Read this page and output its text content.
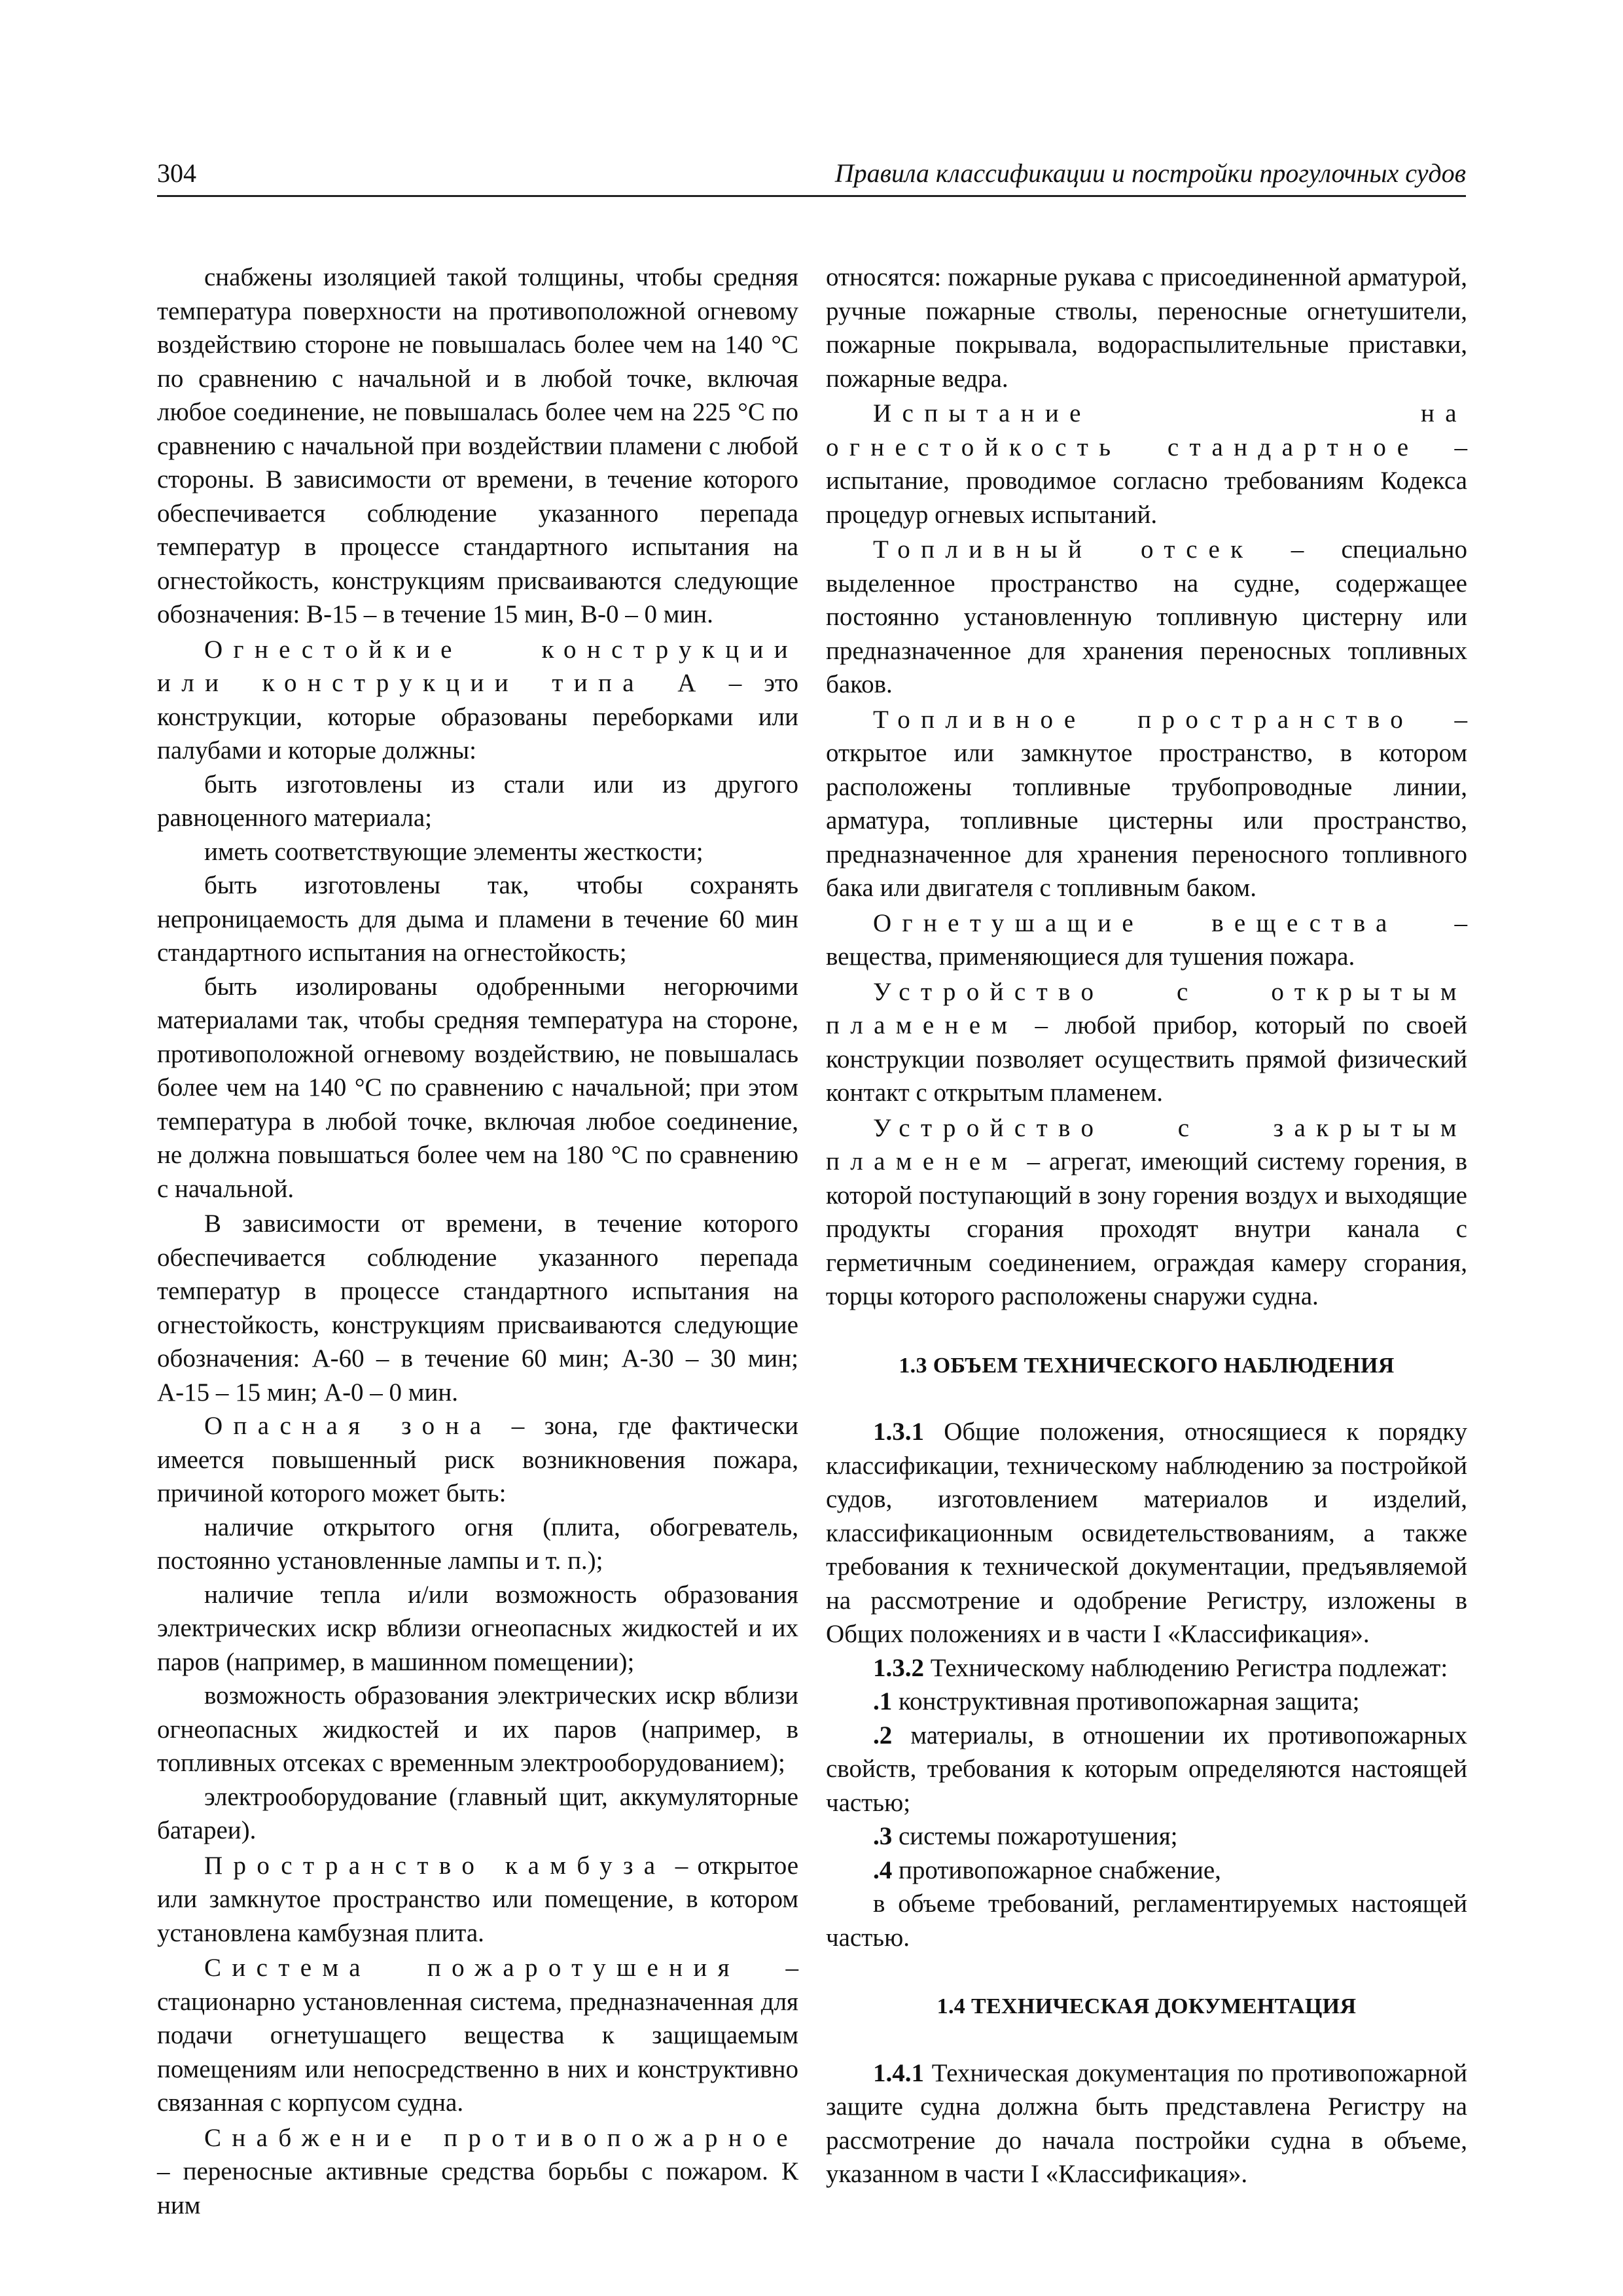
304	Правила классификации и постройки прогулочных судов

снабжены изоляцией такой толщины, чтобы средняя температура поверхности на противоположной огневому воздействию стороне не повышалась более чем на 140 °С по сравнению с начальной и в любой точке, включая любое соединение, не повышалась более чем на 225 °С по сравнению с начальной при воздействии пламени с любой стороны. В зависимости от времени, в течение которого обеспечивается соблюдение указанного перепада температур в процессе стандартного испытания на огнестойкость, конструкциям присваиваются следующие обозначения: В-15 – в течение 15 мин, В-0 – 0 мин.

Огнестойкие конструкции или конструкции типа А – это конструкции, которые образованы переборками или палубами и которые должны:

быть изготовлены из стали или из другого равноценного материала;

иметь соответствующие элементы жесткости;

быть изготовлены так, чтобы сохранять непроницаемость для дыма и пламени в течение 60 мин стандартного испытания на огнестойкость;

быть изолированы одобренными негорючими материалами так, чтобы средняя температура на стороне, противоположной огневому воздействию, не повышалась более чем на 140 °С по сравнению с начальной; при этом температура в любой точке, включая любое соединение, не должна повышаться более чем на 180 °С по сравнению с начальной.

В зависимости от времени, в течение которого обеспечивается соблюдение указанного перепада температур в процессе стандартного испытания на огнестойкость, конструкциям присваиваются следующие обозначения: А-60 – в течение 60 мин; А-30 – 30 мин; А-15 – 15 мин; А-0 – 0 мин.

Опасная зона – зона, где фактически имеется повышенный риск возникновения пожара, причиной которого может быть:

наличие открытого огня (плита, обогреватель, постоянно установленные лампы и т. п.);

наличие тепла и/или возможность образования электрических искр вблизи огнеопасных жидкостей и их паров (например, в машинном помещении);

возможность образования электрических искр вблизи огнеопасных жидкостей и их паров (например, в топливных отсеках с временным электрооборудованием);

электрооборудование (главный щит, аккумуляторные батареи).

Пространство камбуза – открытое или замкнутое пространство или помещение, в котором установлена камбузная плита.

Система пожаротушения – стационарно установленная система, предназначенная для подачи огнетушащего вещества к защищаемым помещениям или непосредственно в них и конструктивно связанная с корпусом судна.

Снабжение противопожарное – переносные активные средства борьбы с пожаром. К ним

относятся: пожарные рукава с присоединенной арматурой, ручные пожарные стволы, переносные огнетушители, пожарные покрывала, водораспылительные приставки, пожарные ведра.

Испытание на огнестойкость стандартное – испытание, проводимое согласно требованиям Кодекса процедур огневых испытаний.

Топливный отсек – специально выделенное пространство на судне, содержащее постоянно установленную топливную цистерну или предназначенное для хранения переносных топливных баков.

Топливное пространство – открытое или замкнутое пространство, в котором расположены топливные трубопроводные линии, арматура, топливные цистерны или пространство, предназначенное для хранения переносного топливного бака или двигателя с топливным баком.

Огнетушащие вещества – вещества, применяющиеся для тушения пожара.

Устройство с открытым пламенем – любой прибор, который по своей конструкции позволяет осуществить прямой физический контакт с открытым пламенем.

Устройство с закрытым пламенем – агрегат, имеющий систему горения, в которой поступающий в зону горения воздух и выходящие продукты сгорания проходят внутри канала с герметичным соединением, ограждая камеру сгорания, торцы которого расположены снаружи судна.

1.3 ОБЪЕМ ТЕХНИЧЕСКОГО НАБЛЮДЕНИЯ

1.3.1 Общие положения, относящиеся к порядку классификации, техническому наблюдению за постройкой судов, изготовлением материалов и изделий, классификационным освидетельствованиям, а также требования к технической документации, предъявляемой на рассмотрение и одобрение Регистру, изложены в Общих положениях и в части I «Классификация».

1.3.2 Техническому наблюдению Регистра подлежат:

.1 конструктивная противопожарная защита;

.2 материалы, в отношении их противопожарных свойств, требования к которым определяются настоящей частью;

.3 системы пожаротушения;

.4 противопожарное снабжение,

в объеме требований, регламентируемых настоящей частью.

1.4 ТЕХНИЧЕСКАЯ ДОКУМЕНТАЦИЯ

1.4.1 Техническая документация по противопожарной защите судна должна быть представлена Регистру на рассмотрение до начала постройки судна в объеме, указанном в части I «Классификация».
